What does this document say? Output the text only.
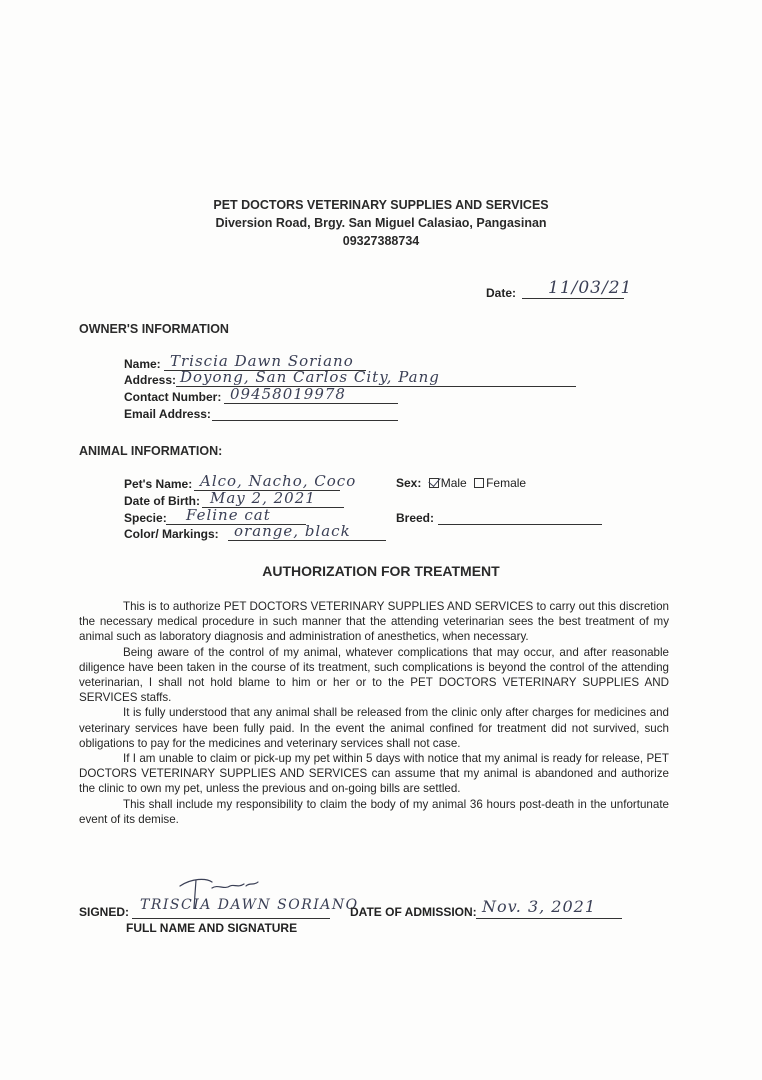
PET DOCTORS VETERINARY SUPPLIES AND SERVICES
Diversion Road, Brgy. San Miguel Calasiao, Pangasinan
09327388734
Date: 11/03/21
OWNER'S INFORMATION
Name: Triscia Dawn Soriano
Address: Doyong, San Carlos City, Pang
Contact Number: 09458019978
Email Address:
ANIMAL INFORMATION:
Pet's Name: Alco, Nacho, Coco
Date of Birth: May 2, 2021
Specie: Feline cat
Color/ Markings: orange, black
Sex: Male Female
Breed:
AUTHORIZATION FOR TREATMENT

This is to authorize PET DOCTORS VETERINARY SUPPLIES AND SERVICES to carry out this discretion the necessary medical procedure in such manner that the attending veterinarian sees the best treatment of my animal such as laboratory diagnosis and administration of anesthetics, when necessary.

Being aware of the control of my animal, whatever complications that may occur, and after reasonable diligence have been taken in the course of its treatment, such complications is beyond the control of the attending veterinarian, I shall not hold blame to him or her or to the PET DOCTORS VETERINARY SUPPLIES AND SERVICES staffs.

It is fully understood that any animal shall be released from the clinic only after charges for medicines and veterinary services have been fully paid. In the event the animal confined for treatment did not survived, such obligations to pay for the medicines and veterinary services shall not case.

If I am unable to claim or pick-up my pet within 5 days with notice that my animal is ready for release, PET DOCTORS VETERINARY SUPPLIES AND SERVICES can assume that my animal is abandoned and authorize the clinic to own my pet, unless the previous and on-going bills are settled.

This shall include my responsibility to claim the body of my animal 36 hours post-death in the unfortunate event of its demise.

SIGNED: TRISCIA DAWN SORIANO
FULL NAME AND SIGNATURE
DATE OF ADMISSION: Nov. 3, 2021
